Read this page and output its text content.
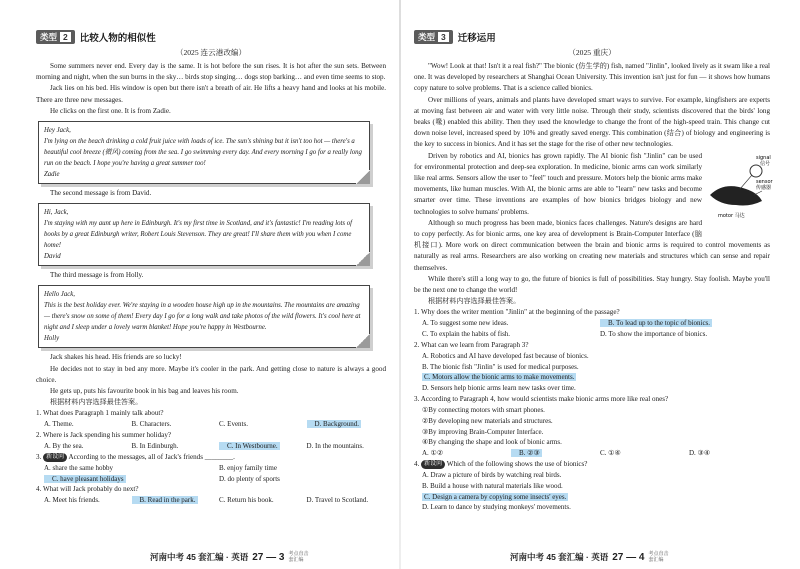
类型 2	比较人物的相似性
（2025 连云港改编）

Some summers never end. Every day is the same. It is hot before the sun rises. It is hot after the sun sets. Between morning and night, when the sun burns in the sky… birds stop singing… dogs stop barking… and even time seems to stop.

Jack lies on his bed. His window is open but there isn't a breath of air. He lifts a heavy hand and looks at his mobile. There are three new messages.

He clicks on the first one. It is from Zadie.

Hey Jack,
I'm lying on the beach drinking a cold fruit juice with loads of ice. The sun's shining but it isn't too hot — there's a beautiful cool breeze (微风) coming from the sea. I go swimming every day. And every morning I go for a really long run on the beach. I hope you're having a great summer too!
Zadie

The second message is from David.

Hi, Jack,
I'm staying with my aunt up here in Edinburgh. It's my first time in Scotland, and it's fantastic! I'm reading lots of books by a great Edinburgh writer, Robert Louis Stevenson. They are great! I'll share them with you when I come home!
David

The third message is from Holly.

Hello Jack,
This is the best holiday ever. We're staying in a wooden house high up in the mountains. The mountains are amazing — there's snow on some of them! Every day I go for a long walk and take photos of the wild flowers. It's cool here at night and I sleep under a lovely warm blanket! Hope you're happy in Westbourne.
Holly

Jack shakes his head. His friends are so lucky!

He decides not to stay in bed any more. Maybe it's cooler in the park. And getting close to nature is always a good choice.

He gets up, puts his favourite book in his bag and leaves his room.

根据材料内容选择最佳答案。
1. What does Paragraph 1 mainly talk about?
A. Theme.	B. Characters.	C. Events.	D. Background.
2. Where is Jack spending his summer holiday?
A. By the sea.	B. In Edinburgh.	C. In Westbourne.	D. In the mountains.
3. 新设问 According to the messages, all of Jack's friends ________.
A. share the same hobby	B. enjoy family time
C. have pleasant holidays	D. do plenty of sports
4. What will Jack probably do next?
A. Meet his friends.	B. Read in the park.	C. Return his book.	D. Travel to Scotland.
河南中考 45 套汇编 · 英语 27 — 3 考点直击
套汇编
类型 3	迁移运用
（2025 重庆）

"Wow! Look at that! Isn't it a real fish?" The bionic (仿生学的) fish, named "Jinlin", looked lively as it swam like a real one. It was developed by researchers at Shanghai Ocean University. This invention isn't just for fun — it shows how humans copy nature to solve problems. That is a science called bionics.

Over millions of years, animals and plants have developed smart ways to survive. For example, kingfishers are experts at moving fast between air and water with very little noise. Through their study, scientists discovered that the birds' long beaks (喙) enabled this ability. Then they used the knowledge to change the front of the high-speed train. This change cut down noise level, increased speed by 10% and greatly saved energy. This combination (结合) of biology and engineering is the key to success in bionics. And it has set the stage for the rise of other new technologies.

signal
信号
sensor
传感器
motor 马达

Driven by robotics and AI, bionics has grown rapidly. The AI bionic fish "Jinlin" can be used for environmental protection and deep-sea exploration. In medicine, bionic arms can work similarly like real arms. Sensors allow the user to "feel" touch and pressure. Motors help the bionic arms make movements, like human muscles. With AI, the bionic arms are able to "learn" new tasks and become smarter over time. These inventions are examples of how bionics bridges biology and new technologies to solve humans' problems.

Although so much progress has been made, bionics faces challenges. Nature's designs are hard to copy perfectly. As for bionic arms, one key area of development is Brain-Computer Interface (脑机接口). More work on direct communication between the brain and bionic arms is required to control movements as naturally as real arms. Researchers are also working on creating new materials and structures which can sense and repair themselves.

While there's still a long way to go, the future of bionics is full of possibilities. Stay hungry. Stay foolish. Maybe you'll be the next one to change the world!

根据材料内容选择最佳答案。
1. Why does the writer mention "Jinlin" at the beginning of the passage?
A. To suggest some new ideas.	B. To lead up to the topic of bionics.
C. To explain the habits of fish.	D. To show the importance of bionics.
2. What can we learn from Paragraph 3?
A. Robotics and AI have developed fast because of bionics.
B. The bionic fish "Jinlin" is used for medical purposes.
C. Motors allow the bionic arms to make movements.
D. Sensors help bionic arms learn new tasks over time.
3. According to Paragraph 4, how would scientists make bionic arms more like real ones?
①By connecting motors with smart phones.
②By developing new materials and structures.
③By improving Brain-Computer Interface.
④By changing the shape and look of bionic arms.
A. ①②	B. ②③	C. ①④	D. ③④
4. 新设问 Which of the following shows the use of bionics?
A. Draw a picture of birds by watching real birds.
B. Build a house with natural materials like wood.
C. Design a camera by copying some insects' eyes.
D. Learn to dance by studying monkeys' movements.
河南中考 45 套汇编 · 英语 27 — 4 考点直击
套汇编
